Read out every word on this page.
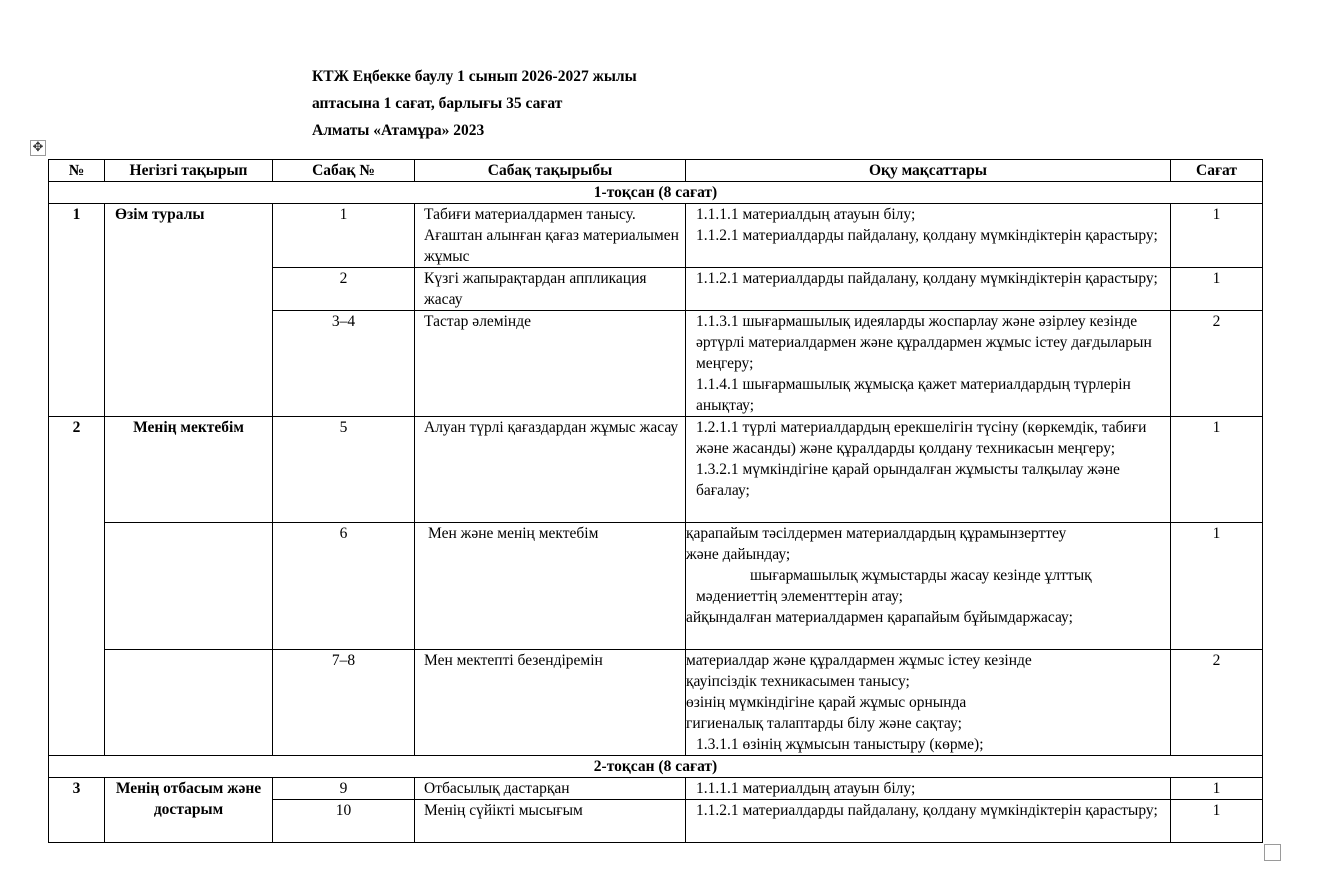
КТЖ Еңбекке баулу 1 сынып 2026-2027 жылы
аптасына 1 сағат, барлығы 35 сағат
Алматы «Атамұра» 2023
✥
№	Негізгі тақырып	Сабақ №	Сабақ тақырыбы	Оқу мақсаттары	Сағат
1-тоқсан (8 сағат)					
1	Өзім туралы	1	Табиғи материалдармен танысу. Ағаштан алынған қағаз материалымен жұмыс	1.1.1.1 материалдың атауын білу;
1.1.2.1 материалдарды пайдалану, қолдану мүмкіндіктерін қарастыру;	1
		2	Күзгі жапырақтардан аппликация жасау	1.1.2.1 материалдарды пайдалану, қолдану мүмкіндіктерін қарастыру;	1
		3–4	Тастар әлемінде	1.1.3.1 шығармашылық идеяларды жоспарлау және әзірлеу кезінде әртүрлі материалдармен және құралдармен жұмыс істеу дағдыларын меңгеру;
1.1.4.1 шығармашылық жұмысқа қажет материалдардың түрлерін анықтау;	2
2	Менің мектебім	5	Алуан түрлі қағаздардан жұмыс жасау	1.2.1.1 түрлі материалдардың ерекшелігін түсіну (көркемдік, табиғи және жасанды) және құралдарды қолдану техникасын меңгеру;
1.3.2.1 мүмкіндігіне қарай орындалған жұмысты талқылау және бағалау;	1
		6	Мен және менің мектебім	қарапайым тәсілдермен материалдардың құрамынзерттеу
және дайындау;
шығармашылық жұмыстарды жасау кезінде ұлттық
мәдениеттің элементтерін атау;
айқындалған материалдармен қарапайым бұйымдаржасау;	1
		7–8	Мен мектепті безендіремін	материалдар және құралдармен жұмыс істеу кезінде
қауіпсіздік техникасымен танысу;
өзінің мүмкіндігіне қарай жұмыс орнында
гигиеналық талаптарды білу және сақтау;
1.3.1.1 өзінің жұмысын таныстыру (көрме);	2
2-тоқсан (8 сағат)					
3	Менің отбасым және достарым	9	Отбасылық дастарқан	1.1.1.1 материалдың атауын білу;	1
		10	Менің сүйікті мысығым	1.1.2.1 материалдарды пайдалану, қолдану мүмкіндіктерін қарастыру;	1
